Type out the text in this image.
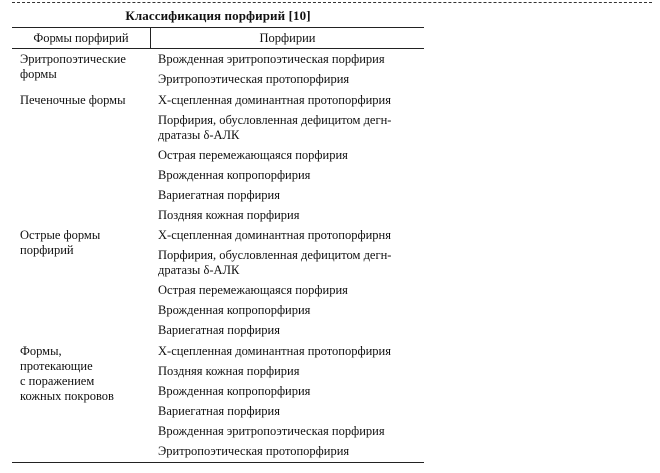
Классификация порфирий [10]
Формы порфирий	Порфирии
Эритропоэтические
формы
Печеночные формы
Острые формы
порфирий
Формы,
протекающие
с поражением
кожных покровов
Врожденная эритропоэтическая порфирия
Эритропоэтическая протопорфирия
Х-сцепленная доминантная протопорфирия
Порфирия, обусловленная дефицитом дегн-
дратазы δ-АЛК
Острая перемежающаяся порфирия
Врожденная копропорфирия
Вариегатная порфирия
Поздняя кожная порфирия
Х-сцепленная доминантная протопорфирня
Порфирия, обусловленная дефицитом дегн-
дратазы δ-АЛК
Острая перемежающаяся порфирия
Врожденная копропорфирия
Вариегатная порфирия
Х-сцепленная доминантная протопорфирия
Поздняя кожная порфирия
Врожденная копропорфирия
Вариегатная порфирия
Врожденная эритропоэтическая порфирия
Эритропоэтическая протопорфирия
